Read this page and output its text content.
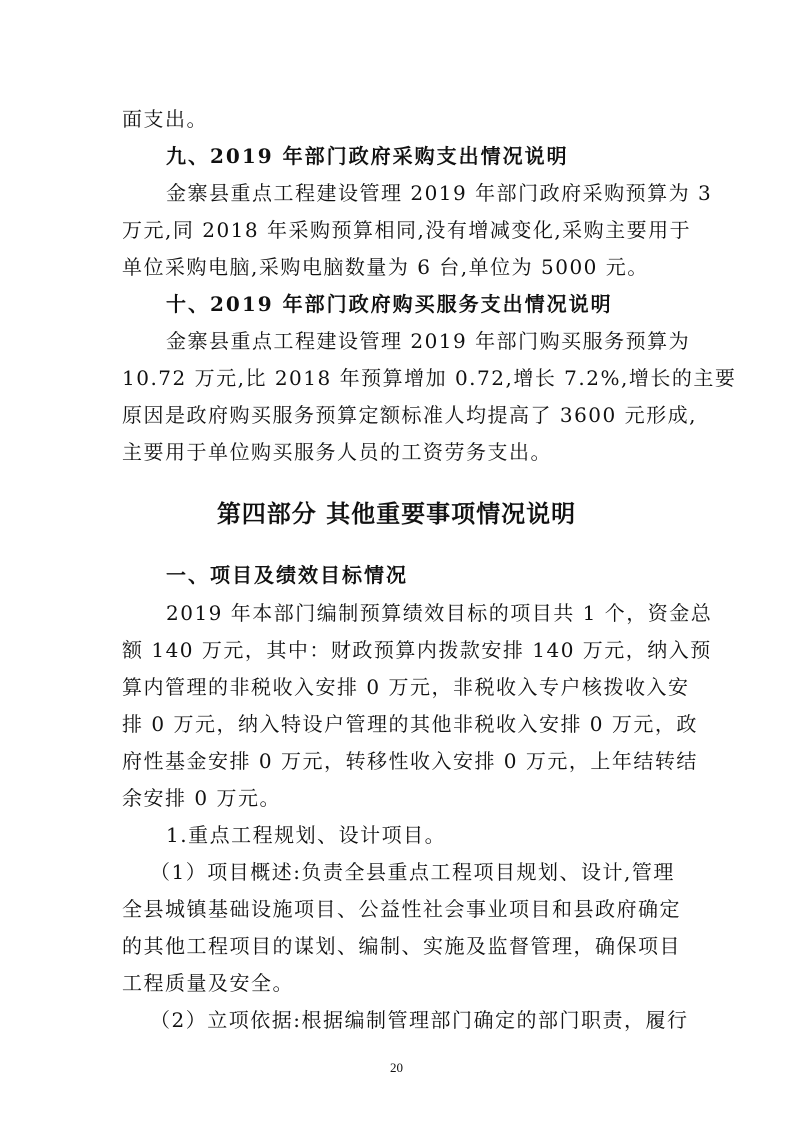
面支出。
九、2019 年部门政府采购支出情况说明
金寨县重点工程建设管理 2019 年部门政府采购预算为 3
万元,同 2018 年采购预算相同,没有增减变化,采购主要用于
单位采购电脑,采购电脑数量为 6 台,单位为 5000 元。
十、2019 年部门政府购买服务支出情况说明
金寨县重点工程建设管理 2019 年部门购买服务预算为
10.72 万元,比 2018 年预算增加 0.72,增长 7.2%,增长的主要
原因是政府购买服务预算定额标准人均提高了 3600 元形成,
主要用于单位购买服务人员的工资劳务支出。
第四部分 其他重要事项情况说明
一、项目及绩效目标情况
2019 年本部门编制预算绩效目标的项目共 1 个，资金总
额 140 万元，其中：财政预算内拨款安排 140 万元，纳入预
算内管理的非税收入安排 0 万元，非税收入专户核拨收入安
排 0 万元，纳入特设户管理的其他非税收入安排 0 万元，政
府性基金安排 0 万元，转移性收入安排 0 万元，上年结转结
余安排 0 万元。
1.重点工程规划、设计项目。
（1）项目概述:负责全县重点工程项目规划、设计,管理
全县城镇基础设施项目、公益性社会事业项目和县政府确定
的其他工程项目的谋划、编制、实施及监督管理，确保项目
工程质量及安全。
（2）立项依据:根据编制管理部门确定的部门职责，履行
20
